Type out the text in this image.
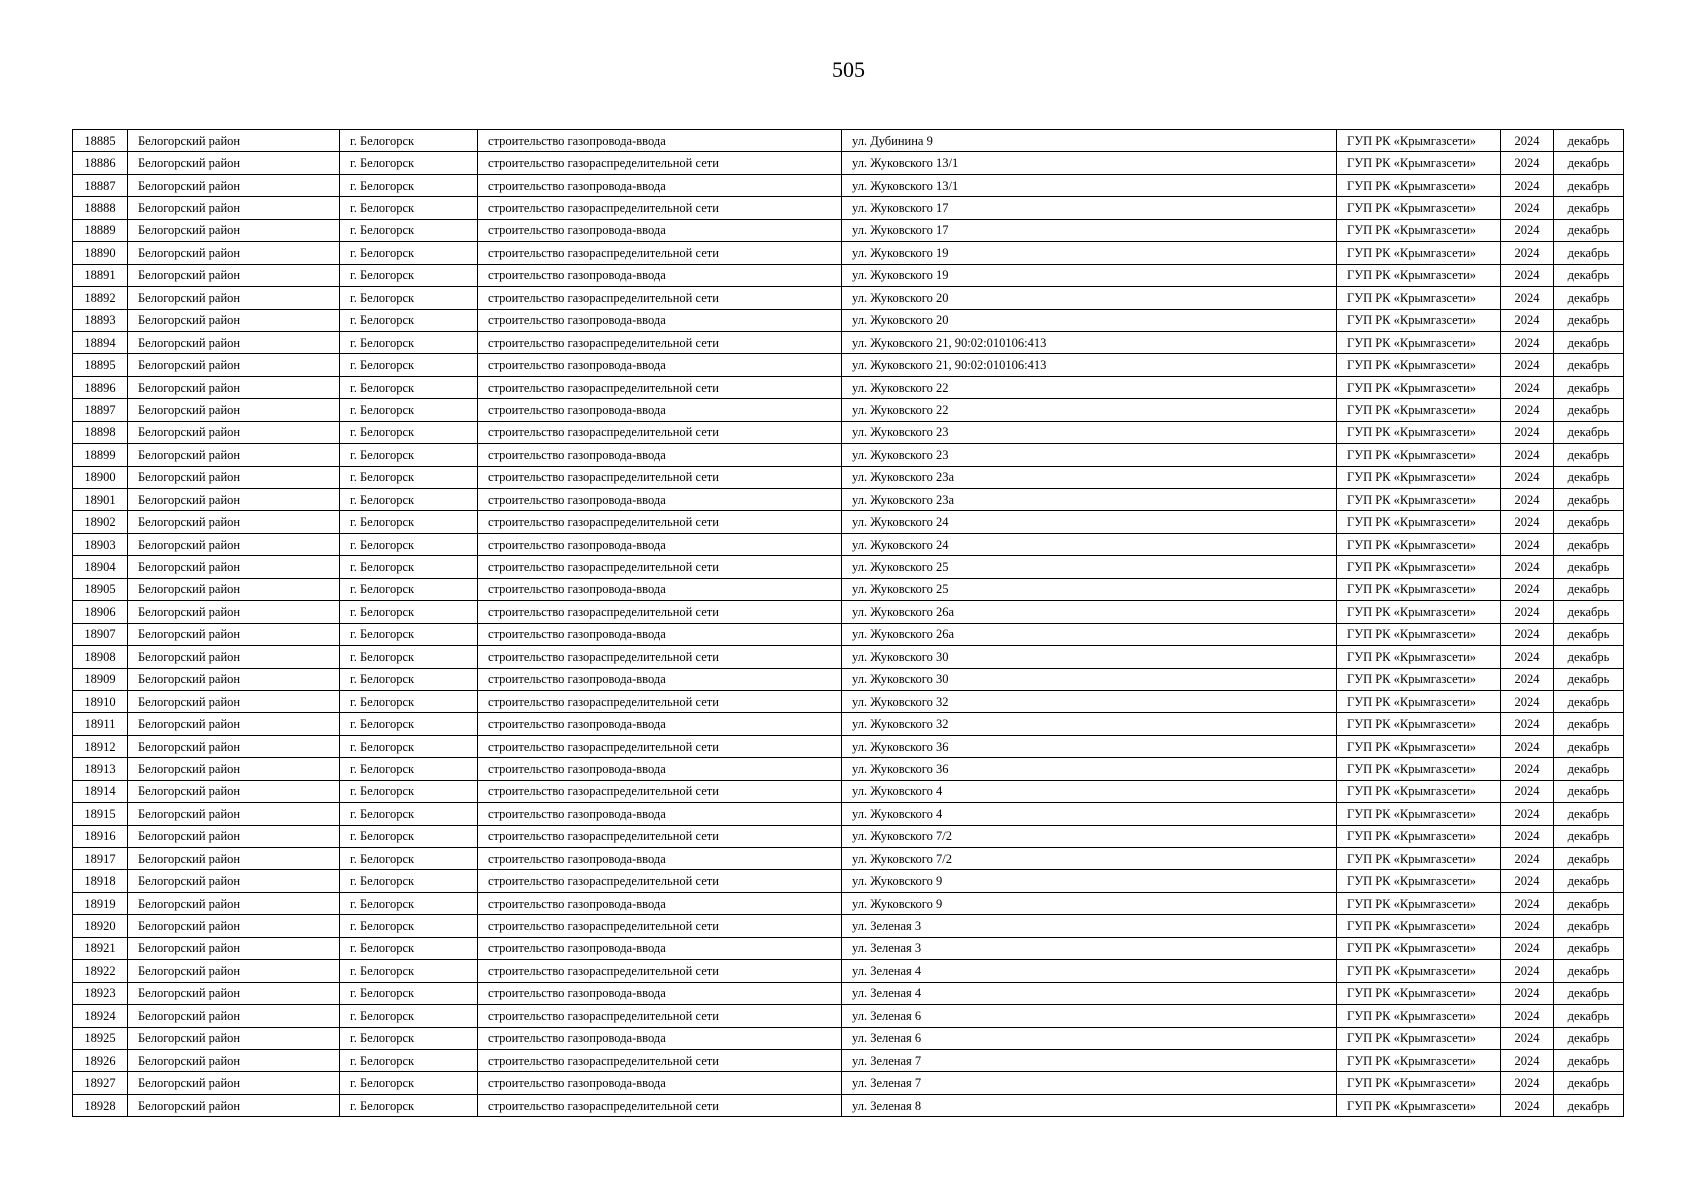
505
18885	Белогорский район	г. Белогорск	строительство газопровода-ввода	ул. Дубинина 9	ГУП РК «Крымгазсети»	2024	декабрь
18886	Белогорский район	г. Белогорск	строительство газораспределительной сети	ул. Жуковского 13/1	ГУП РК «Крымгазсети»	2024	декабрь
18887	Белогорский район	г. Белогорск	строительство газопровода-ввода	ул. Жуковского 13/1	ГУП РК «Крымгазсети»	2024	декабрь
18888	Белогорский район	г. Белогорск	строительство газораспределительной сети	ул. Жуковского 17	ГУП РК «Крымгазсети»	2024	декабрь
18889	Белогорский район	г. Белогорск	строительство газопровода-ввода	ул. Жуковского 17	ГУП РК «Крымгазсети»	2024	декабрь
18890	Белогорский район	г. Белогорск	строительство газораспределительной сети	ул. Жуковского 19	ГУП РК «Крымгазсети»	2024	декабрь
18891	Белогорский район	г. Белогорск	строительство газопровода-ввода	ул. Жуковского 19	ГУП РК «Крымгазсети»	2024	декабрь
18892	Белогорский район	г. Белогорск	строительство газораспределительной сети	ул. Жуковского 20	ГУП РК «Крымгазсети»	2024	декабрь
18893	Белогорский район	г. Белогорск	строительство газопровода-ввода	ул. Жуковского 20	ГУП РК «Крымгазсети»	2024	декабрь
18894	Белогорский район	г. Белогорск	строительство газораспределительной сети	ул. Жуковского 21, 90:02:010106:413	ГУП РК «Крымгазсети»	2024	декабрь
18895	Белогорский район	г. Белогорск	строительство газопровода-ввода	ул. Жуковского 21, 90:02:010106:413	ГУП РК «Крымгазсети»	2024	декабрь
18896	Белогорский район	г. Белогорск	строительство газораспределительной сети	ул. Жуковского 22	ГУП РК «Крымгазсети»	2024	декабрь
18897	Белогорский район	г. Белогорск	строительство газопровода-ввода	ул. Жуковского 22	ГУП РК «Крымгазсети»	2024	декабрь
18898	Белогорский район	г. Белогорск	строительство газораспределительной сети	ул. Жуковского 23	ГУП РК «Крымгазсети»	2024	декабрь
18899	Белогорский район	г. Белогорск	строительство газопровода-ввода	ул. Жуковского 23	ГУП РК «Крымгазсети»	2024	декабрь
18900	Белогорский район	г. Белогорск	строительство газораспределительной сети	ул. Жуковского 23а	ГУП РК «Крымгазсети»	2024	декабрь
18901	Белогорский район	г. Белогорск	строительство газопровода-ввода	ул. Жуковского 23а	ГУП РК «Крымгазсети»	2024	декабрь
18902	Белогорский район	г. Белогорск	строительство газораспределительной сети	ул. Жуковского 24	ГУП РК «Крымгазсети»	2024	декабрь
18903	Белогорский район	г. Белогорск	строительство газопровода-ввода	ул. Жуковского 24	ГУП РК «Крымгазсети»	2024	декабрь
18904	Белогорский район	г. Белогорск	строительство газораспределительной сети	ул. Жуковского 25	ГУП РК «Крымгазсети»	2024	декабрь
18905	Белогорский район	г. Белогорск	строительство газопровода-ввода	ул. Жуковского 25	ГУП РК «Крымгазсети»	2024	декабрь
18906	Белогорский район	г. Белогорск	строительство газораспределительной сети	ул. Жуковского 26а	ГУП РК «Крымгазсети»	2024	декабрь
18907	Белогорский район	г. Белогорск	строительство газопровода-ввода	ул. Жуковского 26а	ГУП РК «Крымгазсети»	2024	декабрь
18908	Белогорский район	г. Белогорск	строительство газораспределительной сети	ул. Жуковского 30	ГУП РК «Крымгазсети»	2024	декабрь
18909	Белогорский район	г. Белогорск	строительство газопровода-ввода	ул. Жуковского 30	ГУП РК «Крымгазсети»	2024	декабрь
18910	Белогорский район	г. Белогорск	строительство газораспределительной сети	ул. Жуковского 32	ГУП РК «Крымгазсети»	2024	декабрь
18911	Белогорский район	г. Белогорск	строительство газопровода-ввода	ул. Жуковского 32	ГУП РК «Крымгазсети»	2024	декабрь
18912	Белогорский район	г. Белогорск	строительство газораспределительной сети	ул. Жуковского 36	ГУП РК «Крымгазсети»	2024	декабрь
18913	Белогорский район	г. Белогорск	строительство газопровода-ввода	ул. Жуковского 36	ГУП РК «Крымгазсети»	2024	декабрь
18914	Белогорский район	г. Белогорск	строительство газораспределительной сети	ул. Жуковского 4	ГУП РК «Крымгазсети»	2024	декабрь
18915	Белогорский район	г. Белогорск	строительство газопровода-ввода	ул. Жуковского 4	ГУП РК «Крымгазсети»	2024	декабрь
18916	Белогорский район	г. Белогорск	строительство газораспределительной сети	ул. Жуковского 7/2	ГУП РК «Крымгазсети»	2024	декабрь
18917	Белогорский район	г. Белогорск	строительство газопровода-ввода	ул. Жуковского 7/2	ГУП РК «Крымгазсети»	2024	декабрь
18918	Белогорский район	г. Белогорск	строительство газораспределительной сети	ул. Жуковского 9	ГУП РК «Крымгазсети»	2024	декабрь
18919	Белогорский район	г. Белогорск	строительство газопровода-ввода	ул. Жуковского 9	ГУП РК «Крымгазсети»	2024	декабрь
18920	Белогорский район	г. Белогорск	строительство газораспределительной сети	ул. Зеленая 3	ГУП РК «Крымгазсети»	2024	декабрь
18921	Белогорский район	г. Белогорск	строительство газопровода-ввода	ул. Зеленая 3	ГУП РК «Крымгазсети»	2024	декабрь
18922	Белогорский район	г. Белогорск	строительство газораспределительной сети	ул. Зеленая 4	ГУП РК «Крымгазсети»	2024	декабрь
18923	Белогорский район	г. Белогорск	строительство газопровода-ввода	ул. Зеленая 4	ГУП РК «Крымгазсети»	2024	декабрь
18924	Белогорский район	г. Белогорск	строительство газораспределительной сети	ул. Зеленая 6	ГУП РК «Крымгазсети»	2024	декабрь
18925	Белогорский район	г. Белогорск	строительство газопровода-ввода	ул. Зеленая 6	ГУП РК «Крымгазсети»	2024	декабрь
18926	Белогорский район	г. Белогорск	строительство газораспределительной сети	ул. Зеленая 7	ГУП РК «Крымгазсети»	2024	декабрь
18927	Белогорский район	г. Белогорск	строительство газопровода-ввода	ул. Зеленая 7	ГУП РК «Крымгазсети»	2024	декабрь
18928	Белогорский район	г. Белогорск	строительство газораспределительной сети	ул. Зеленая 8	ГУП РК «Крымгазсети»	2024	декабрь
